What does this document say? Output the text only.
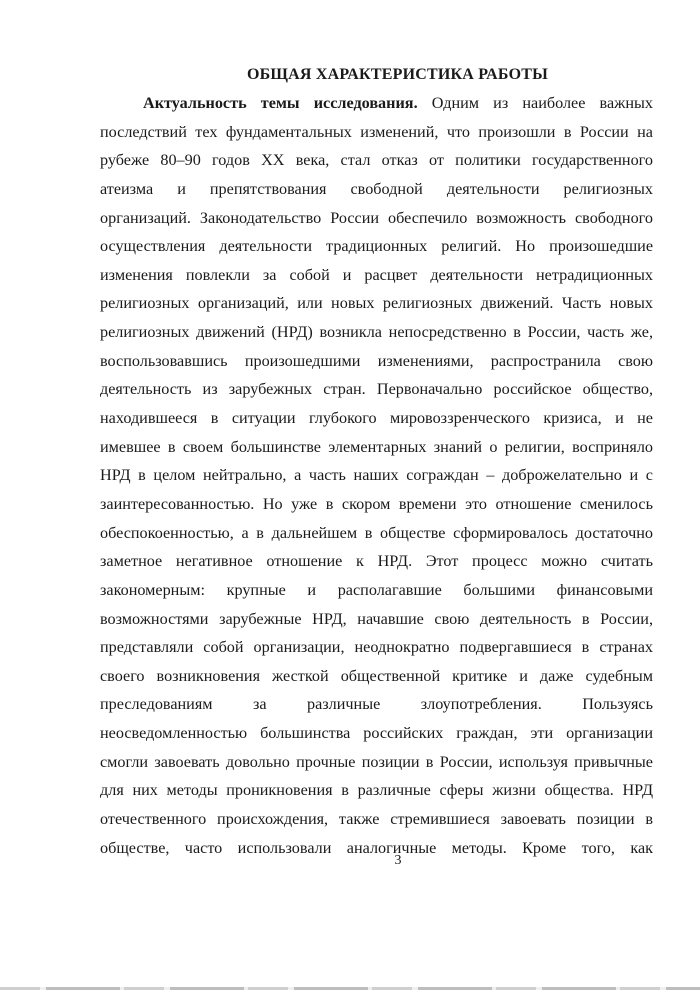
ОБЩАЯ ХАРАКТЕРИСТИКА РАБОТЫ
Актуальность темы исследования. Одним из наиболее важных
последствий тех фундаментальных изменений, что произошли в России на
рубеже 80–90 годов XX века, стал отказ от политики государственного
атеизма и препятствования свободной деятельности религиозных
организаций. Законодательство России обеспечило возможность свободного
осуществления деятельности традиционных религий. Но произошедшие
изменения повлекли за собой и расцвет деятельности нетрадиционных
религиозных организаций, или новых религиозных движений. Часть новых
религиозных движений (НРД) возникла непосредственно в России, часть же,
воспользовавшись произошедшими изменениями, распространила свою
деятельность из зарубежных стран. Первоначально российское общество,
находившееся в ситуации глубокого мировоззренческого кризиса, и не
имевшее в своем большинстве элементарных знаний о религии, восприняло
НРД в целом нейтрально, а часть наших сограждан – доброжелательно и с
заинтересованностью. Но уже в скором времени это отношение сменилось
обеспокоенностью, а в дальнейшем в обществе сформировалось достаточно
заметное негативное отношение к НРД. Этот процесс можно считать
закономерным: крупные и располагавшие большими финансовыми
возможностями зарубежные НРД, начавшие свою деятельность в России,
представляли собой организации, неоднократно подвергавшиеся в странах
своего возникновения жесткой общественной критике и даже судебным
преследованиям за различные злоупотребления. Пользуясь
неосведомленностью большинства российских граждан, эти организации
смогли завоевать довольно прочные позиции в России, используя привычные
для них методы проникновения в различные сферы жизни общества. НРД
отечественного происхождения, также стремившиеся завоевать позиции в
обществе, часто использовали аналогичные методы. Кроме того, как
3
